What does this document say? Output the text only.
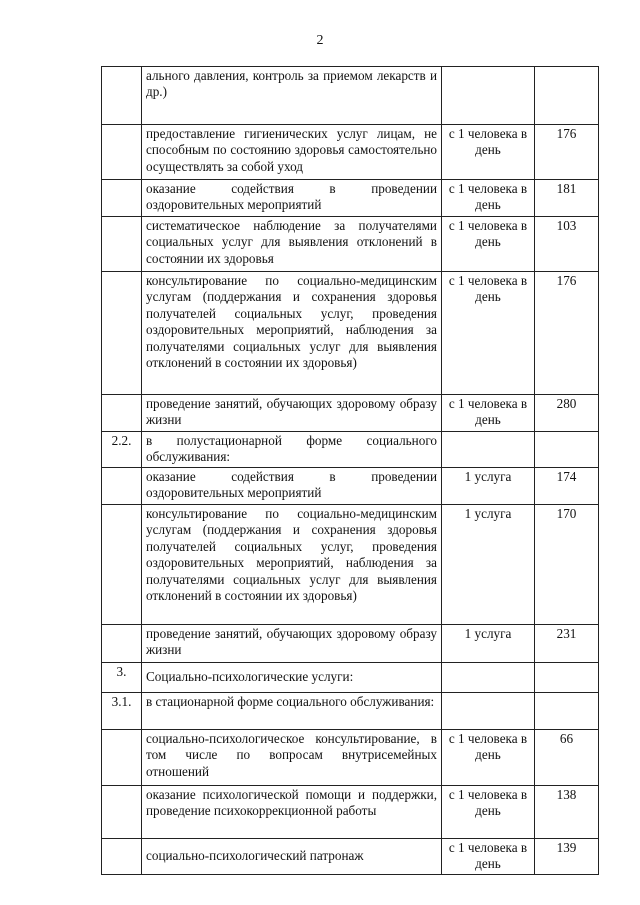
2
	ального давления, контроль за приемом лекарств и др.)		
	предоставление гигиенических услуг лицам, не способным по состоянию здоровья самостоятельно осуществлять за собой уход	с 1 человека в день	176
	оказание содействия в проведении оздоровительных мероприятий	с 1 человека в день	181
	систематическое наблюдение за получателями социальных услуг для выявления отклонений в состоянии их здоровья	с 1 человека в день	103
	консультирование по социально-медицинским услугам (поддержания и сохранения здоровья получателей социальных услуг, проведения оздоровительных мероприятий, наблюдения за получателями социальных услуг для выявления отклонений в состоянии их здоровья)	с 1 человека в день	176
	проведение занятий, обучающих здоровому образу жизни	с 1 человека в день	280
2.2.	в полустационарной форме социального обслуживания:		
	оказание содействия в проведении оздоровительных мероприятий	1 услуга	174
	консультирование по социально-медицинским услугам (поддержания и сохранения здоровья получателей социальных услуг, проведения оздоровительных мероприятий, наблюдения за получателями социальных услуг для выявления отклонений в состоянии их здоровья)	1 услуга	170
	проведение занятий, обучающих здоровому образу жизни	1 услуга	231
3.	Социально-психологические услуги:		
3.1.	в стационарной форме социального обслуживания:		
	социально-психологическое консультирование, в том числе по вопросам внутрисемейных отношений	с 1 человека в день	66
	оказание психологической помощи и поддержки, проведение психокоррекционной работы	с 1 человека в день	138
	социально-психологический патронаж	с 1 человека в день	139
